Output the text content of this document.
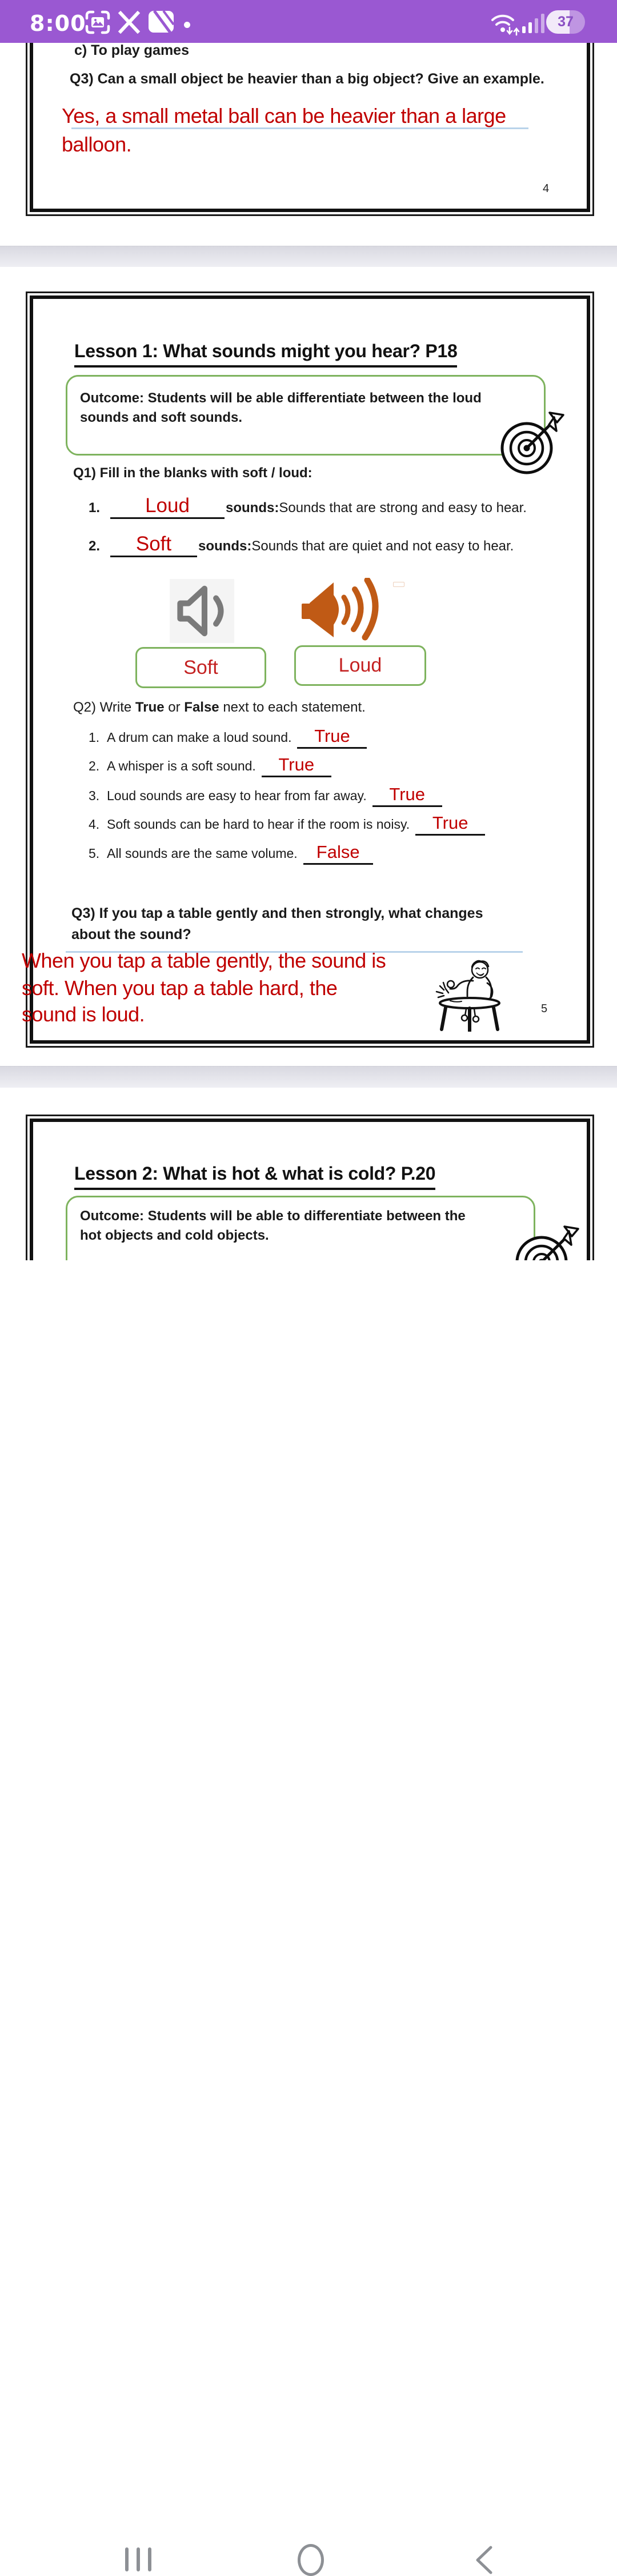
8:00	37
c) To play games
Q3) Can a small object be heavier than a big object? Give an example.
Yes, a small metal ball can be heavier than a large
balloon.
4
Lesson 1: What sounds might you hear? P18
Outcome: Students will be able differentiate between the loud
sounds and soft sounds.
Q1) Fill in the blanks with soft / loud:
1.	Loud	sounds: Sounds that are strong and easy to hear.
2.	Soft	sounds: Sounds that are quiet and not easy to hear.
Soft	Loud
Q2) Write True or False next to each statement.
1. A drum can make a loud sound.	True
2. A whisper is a soft sound.	True
3. Loud sounds are easy to hear from far away.	True
4. Soft sounds can be hard to hear if the room is noisy.	True
5. All sounds are the same volume.	False
Q3) If you tap a table gently and then strongly, what changes
about the sound?
When you tap a table gently, the sound is
soft. When you tap a table hard, the
sound is loud.	5
Lesson 2: What is hot & what is cold? P.20
Outcome: Students will be able to differentiate between the
hot objects and cold objects.
